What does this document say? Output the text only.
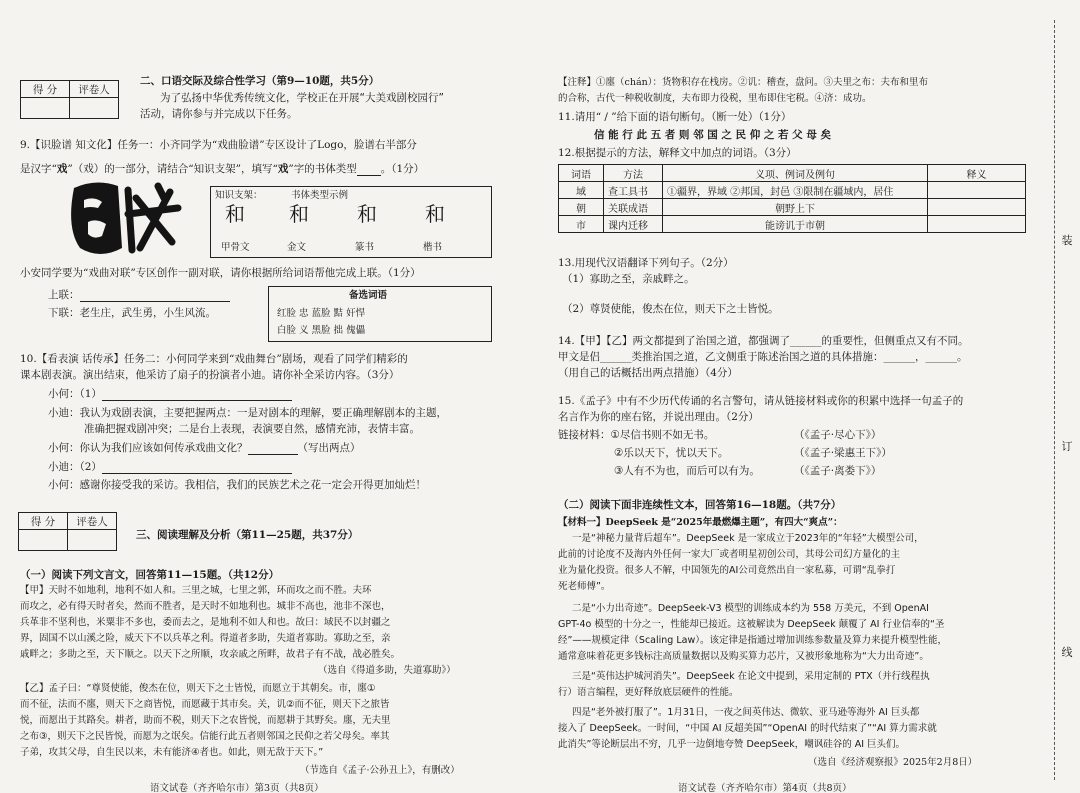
得 分	评卷人

二、口语交际及综合性学习（第9—10题，共5分）
为了弘扬中华优秀传统文化，学校正在开展“大美戏剧校园行”
活动，请你参与并完成以下任务。
9.【识脸谱 知文化】任务一：小齐同学为“戏曲脸谱”专区设计了Logo，脸谱右半部分
是汉字“戏”（戏）的一部分，请结合“知识支架”，填写“戏”字的书体类型 。（1分）
知识支架：	书体类型示例
和 和 和 和
甲骨文	金文	篆书	楷书
小安同学要为“戏曲对联”专区创作一副对联，请你根据所给词语帮他完成上联。（1分）
上联：
下联：老生庄，武生勇，小生风流。
备选词语
红脸 忠 蓝脸 黠 奸悍
白脸 义 黑脸 拙 傀儡
10.【看表演 话传承】任务二：小何同学来到“戏曲舞台”剧场，观看了同学们精彩的
课本剧表演。演出结束，他采访了扇子的扮演者小迪。请你补全采访内容。（3分）
小何：（1）
小迪：我认为戏剧表演，主要把握两点：一是对剧本的理解，要正确理解剧本的主题，
准确把握戏剧冲突；二是台上表现，表演要自然，感情充沛，表情丰富。
小何：你认为我们应该如何传承戏曲文化？	（写出两点）
小迪：（2）
小何：感谢你接受我的采访。我相信，我们的民族艺术之花一定会开得更加灿烂！
得 分	评卷人

三、阅读理解及分析（第11—25题，共37分）
（一）阅读下列文言文，回答第11—15题。（共12分）
【甲】天时不如地利，地利不如人和。三里之城，七里之郭，环而攻之而不胜。夫环
而攻之，必有得天时者矣，然而不胜者，是天时不如地利也。城非不高也，池非不深也，
兵革非不坚利也，米粟非不多也，委而去之，是地利不如人和也。故曰：域民不以封疆之
界，固国不以山溪之险，威天下不以兵革之利。得道者多助，失道者寡助。寡助之至，亲
戚畔之；多助之至，天下顺之。以天下之所顺，攻亲戚之所畔，故君子有不战，战必胜矣。
（选自《得道多助，失道寡助》）
【乙】孟子曰：“尊贤使能，俊杰在位，则天下之士皆悦，而愿立于其朝矣。市，廛①
而不征，法而不廛，则天下之商皆悦，而愿藏于其市矣。关，讥②而不征，则天下之旅皆
悦，而愿出于其路矣。耕者，助而不税，则天下之农皆悦，而愿耕于其野矣。廛，无夫里
之布③，则天下之民皆悦，而愿为之氓矣。信能行此五者则邻国之民仰之若父母矣。率其
子弟，攻其父母，自生民以来，未有能济④者也。如此，则无敌于天下。”
（节选自《孟子·公孙丑上》，有删改）
语文试卷（齐齐哈尔市）第3页（共8页）
【注释】①廛（chán）：货物积存在栈房。②讥：稽查，盘问。③夫里之布：夫布和里布
的合称，古代一种税收制度，夫布即力役税，里布即住宅税。④济：成功。
11.请用“ / ”给下面的语句断句。（断一处）（1分）
信 能 行 此 五 者 则 邻 国 之 民 仰 之 若 父 母 矣
12.根据提示的方法，解释文中加点的词语。（3分）
词语	方法	义项、例词及例句	释义
域	查工具书	①疆界，界域 ②邦国，封邑 ③限制在疆域内，居住	
朝	关联成语	朝野上下	
市	课内迁移	能谤讥于市朝	
13.用现代汉语翻译下列句子。（2分）
（1）寡助之至，亲戚畔之。
（2）尊贤使能，俊杰在位，则天下之士皆悦。
14.【甲】【乙】两文都提到了治国之道，都强调了______的重要性，但侧重点又有不同。
甲文是侣______类推治国之道，乙文侧重于陈述治国之道的具体措施：______，______。
（用自己的话概括出两点措施）（4分）
15.《孟子》中有不少历代传诵的名言警句，请从链接材料或你的积累中选择一句孟子的
名言作为你的座右铭，并说出理由。（2分）
链接材料：①尽信书则不如无书。	（《孟子·尽心下》）
②乐以天下，忧以天下。	（《孟子·梁惠王下》）
③人有不为也，而后可以有为。	（《孟子·离娄下》）
（二）阅读下面非连续性文本，回答第16—18题。（共7分）
【材料一】DeepSeek 是“2025年最燃爆主题”，有四大“爽点”：
一是“神秘力量背后超车”。DeepSeek 是一家成立于2023年的“年轻”大模型公司，
此前的讨论度不及海内外任何一家大厂或者明星初创公司，其母公司幻方量化的主
业为量化投资。很多人不解，中国领先的AI公司竟然出自一家私募，可谓“乱拳打
死老师傅”。
二是“小力出奇迹”。DeepSeek-V3 模型的训练成本约为 558 万美元，不到 OpenAI
GPT-4o 模型的十分之一，性能却已接近。这被解读为 DeepSeek 颠覆了 AI 行业信奉的“圣
经”——规模定律（Scaling Law）。该定律是指通过增加训练参数量及算力来提升模型性能，
通常意味着花更多钱标注高质量数据以及购买算力芯片，又被形象地称为“大力出奇迹”。
三是“英伟达护城河消失”。DeepSeek 在论文中提到，采用定制的 PTX（并行线程执
行）语言编程，更好释放底层硬件的性能。
四是“老外被打服了”。1月31日，一夜之间英伟达、微软、亚马逊等海外 AI 巨头都
接入了 DeepSeek。一时间，“中国 AI 反超美国”“OpenAI 的时代结束了”“AI 算力需求就
此消失”等论断层出不穷，几乎一边倒地夸赞 DeepSeek，嘲讽硅谷的 AI 巨头们。
（选自《经济观察报》2025年2月8日）
语文试卷（齐齐哈尔市）第4页（共8页）
装
订
线
